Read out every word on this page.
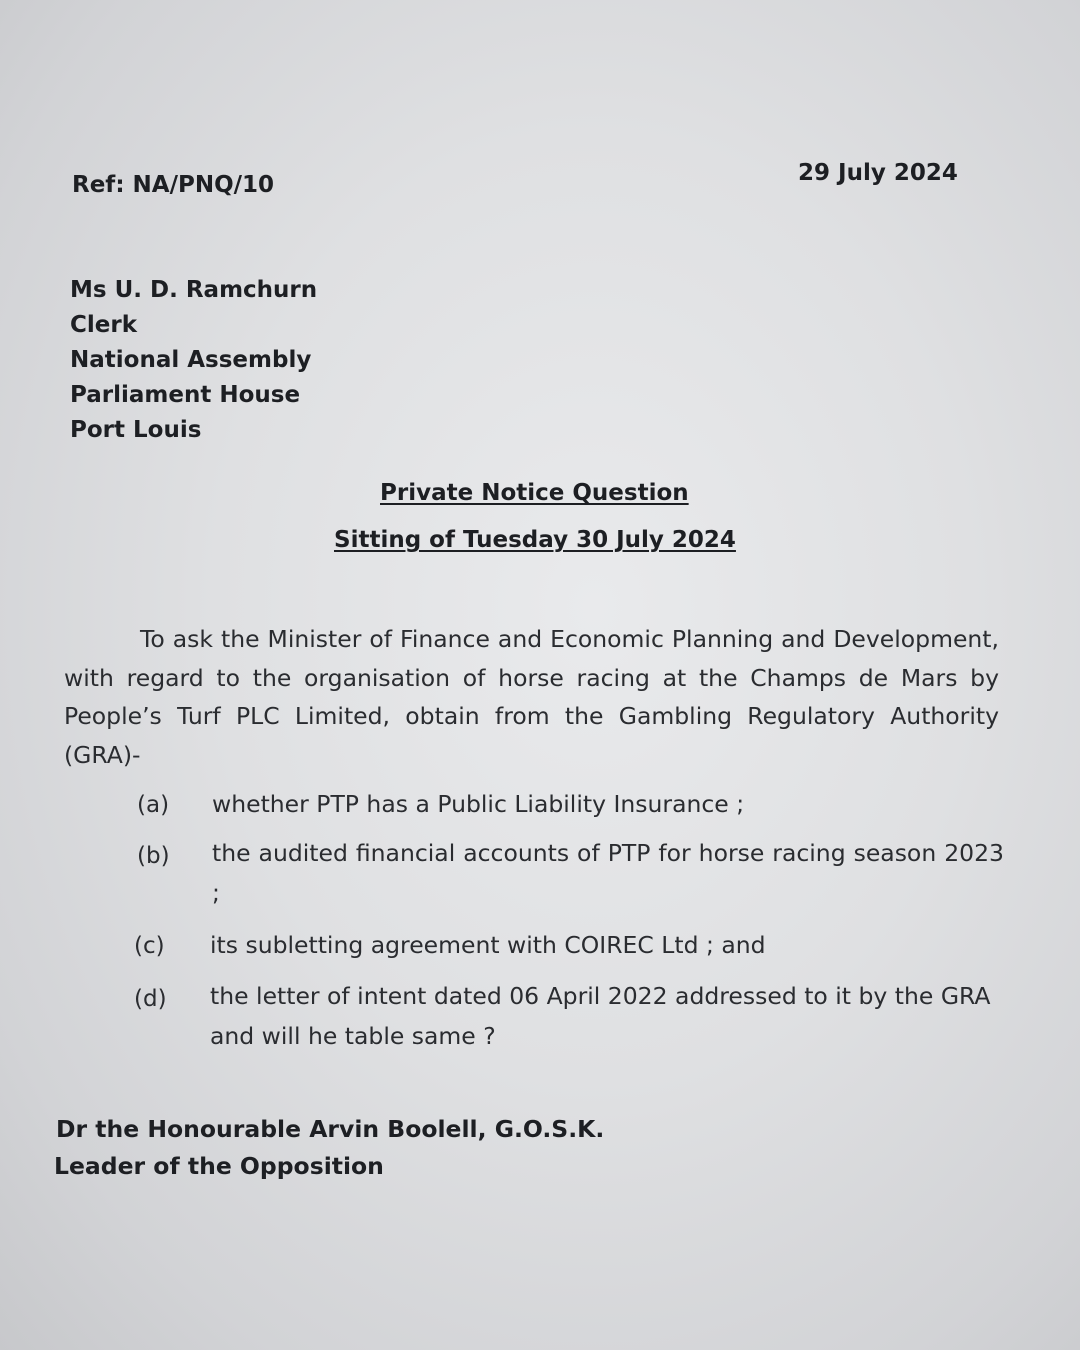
Ref: NA/PNQ/10	29 July 2024
Ms U. D. Ramchurn
Clerk
National Assembly
Parliament House
Port Louis
Private Notice Question
Sitting of Tuesday 30 July 2024
To ask the Minister of Finance and Economic Planning and Development, with regard to the organisation of horse racing at the Champs de Mars by People’s Turf PLC Limited, obtain from the Gambling Regulatory Authority (GRA)-
(a) whether PTP has a Public Liability Insurance ;
(b) the audited financial accounts of PTP for horse racing season 2023 ;
(c) its subletting agreement with COIREC Ltd ; and
(d) the letter of intent dated 06 April 2022 addressed to it by the GRA and will he table same ?
Dr the Honourable Arvin Boolell, G.O.S.K.
Leader of the Opposition
